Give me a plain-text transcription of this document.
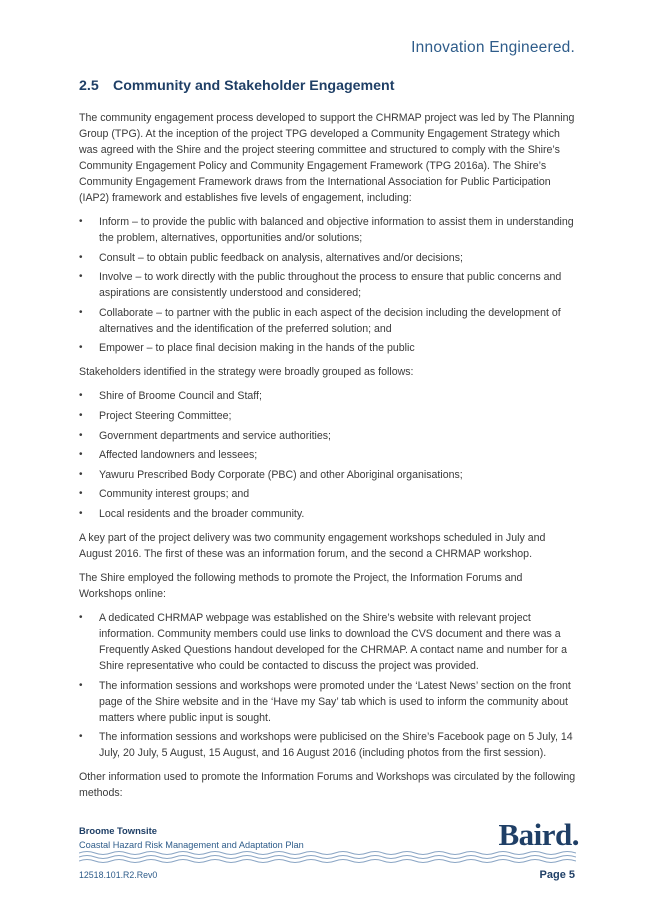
Innovation Engineered.
2.5	Community and Stakeholder Engagement

The community engagement process developed to support the CHRMAP project was led by The Planning Group (TPG). At the inception of the project TPG developed a Community Engagement Strategy which was agreed with the Shire and the project steering committee and structured to comply with the Shire’s Community Engagement Policy and Community Engagement Framework (TPG 2016a). The Shire’s Community Engagement Framework draws from the International Association for Public Participation (IAP2) framework and establishes five levels of engagement, including:

• Inform – to provide the public with balanced and objective information to assist them in understanding the problem, alternatives, opportunities and/or solutions;
• Consult – to obtain public feedback on analysis, alternatives and/or decisions;
• Involve – to work directly with the public throughout the process to ensure that public concerns and aspirations are consistently understood and considered;
• Collaborate – to partner with the public in each aspect of the decision including the development of alternatives and the identification of the preferred solution; and
• Empower – to place final decision making in the hands of the public

Stakeholders identified in the strategy were broadly grouped as follows:

• Shire of Broome Council and Staff;
• Project Steering Committee;
• Government departments and service authorities;
• Affected landowners and lessees;
• Yawuru Prescribed Body Corporate (PBC) and other Aboriginal organisations;
• Community interest groups; and
• Local residents and the broader community.

A key part of the project delivery was two community engagement workshops scheduled in July and August 2016. The first of these was an information forum, and the second a CHRMAP workshop.

The Shire employed the following methods to promote the Project, the Information Forums and Workshops online:

• A dedicated CHRMAP webpage was established on the Shire’s website with relevant project information. Community members could use links to download the CVS document and there was a Frequently Asked Questions handout developed for the CHRMAP. A contact name and number for a Shire representative who could be contacted to discuss the project was provided.
• The information sessions and workshops were promoted under the ‘Latest News’ section on the front page of the Shire website and in the ‘Have my Say’ tab which is used to inform the community about matters where public input is sought.
• The information sessions and workshops were publicised on the Shire’s Facebook page on 5 July, 14 July, 20 July, 5 August, 15 August, and 16 August 2016 (including photos from the first session).

Other information used to promote the Information Forums and Workshops was circulated by the following methods:

Broome Townsite
Coastal Hazard Risk Management and Adaptation Plan	Baird.
12518.101.R2.Rev0	Page 5
